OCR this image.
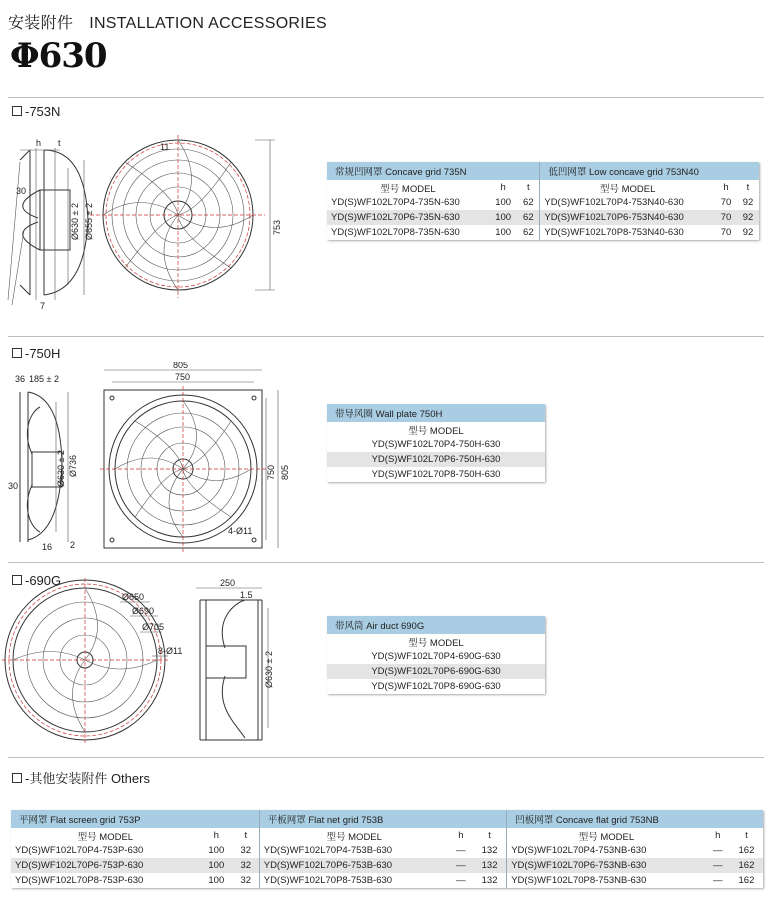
安装附件 INSTALLATION ACCESSORIES
Φ630
-753N
h t
30
7
Ø630 ± 2 Ø655 ± 2
11
753
常规凹网罩 Concave grid 735N			低凹网罩 Low concave grid 753N40		
型号 MODEL	h	t	型号 MODEL	h	t
YD(S)WF102L70P4-735N-630	100	62	YD(S)WF102L70P4-753N40-630	70	92
YD(S)WF102L70P6-735N-630	100	62	YD(S)WF102L70P6-753N40-630	70	92
YD(S)WF102L70P8-735N-630	100	62	YD(S)WF102L70P8-753N40-630	70	92
-750H
36 185 ± 2
Ø630 ± 2 Ø736
30
16 2
805
750
750 805
4-Ø11
带导风圈 Wall plate 750H
型号 MODEL
YD(S)WF102L70P4-750H-630
YD(S)WF102L70P6-750H-630
YD(S)WF102L70P8-750H-630
-690G
Ø650
Ø690
Ø705
8-Ø11
250
1.5
Ø630 ± 2
带风筒 Air duct 690G
型号 MODEL
YD(S)WF102L70P4-690G-630
YD(S)WF102L70P6-690G-630
YD(S)WF102L70P8-690G-630
-其他安装附件 Others
平网罩 Flat screen grid 753P			平板网罩 Flat net grid 753B			凹板网罩 Concave flat grid 753NB		
型号 MODEL	h	t	型号 MODEL	h	t	型号 MODEL	h	t
YD(S)WF102L70P4-753P-630	100	32	YD(S)WF102L70P4-753B-630	—	132	YD(S)WF102L70P4-753NB-630	—	162
YD(S)WF102L70P6-753P-630	100	32	YD(S)WF102L70P6-753B-630	—	132	YD(S)WF102L70P6-753NB-630	—	162
YD(S)WF102L70P8-753P-630	100	32	YD(S)WF102L70P8-753B-630	—	132	YD(S)WF102L70P8-753NB-630	—	162
